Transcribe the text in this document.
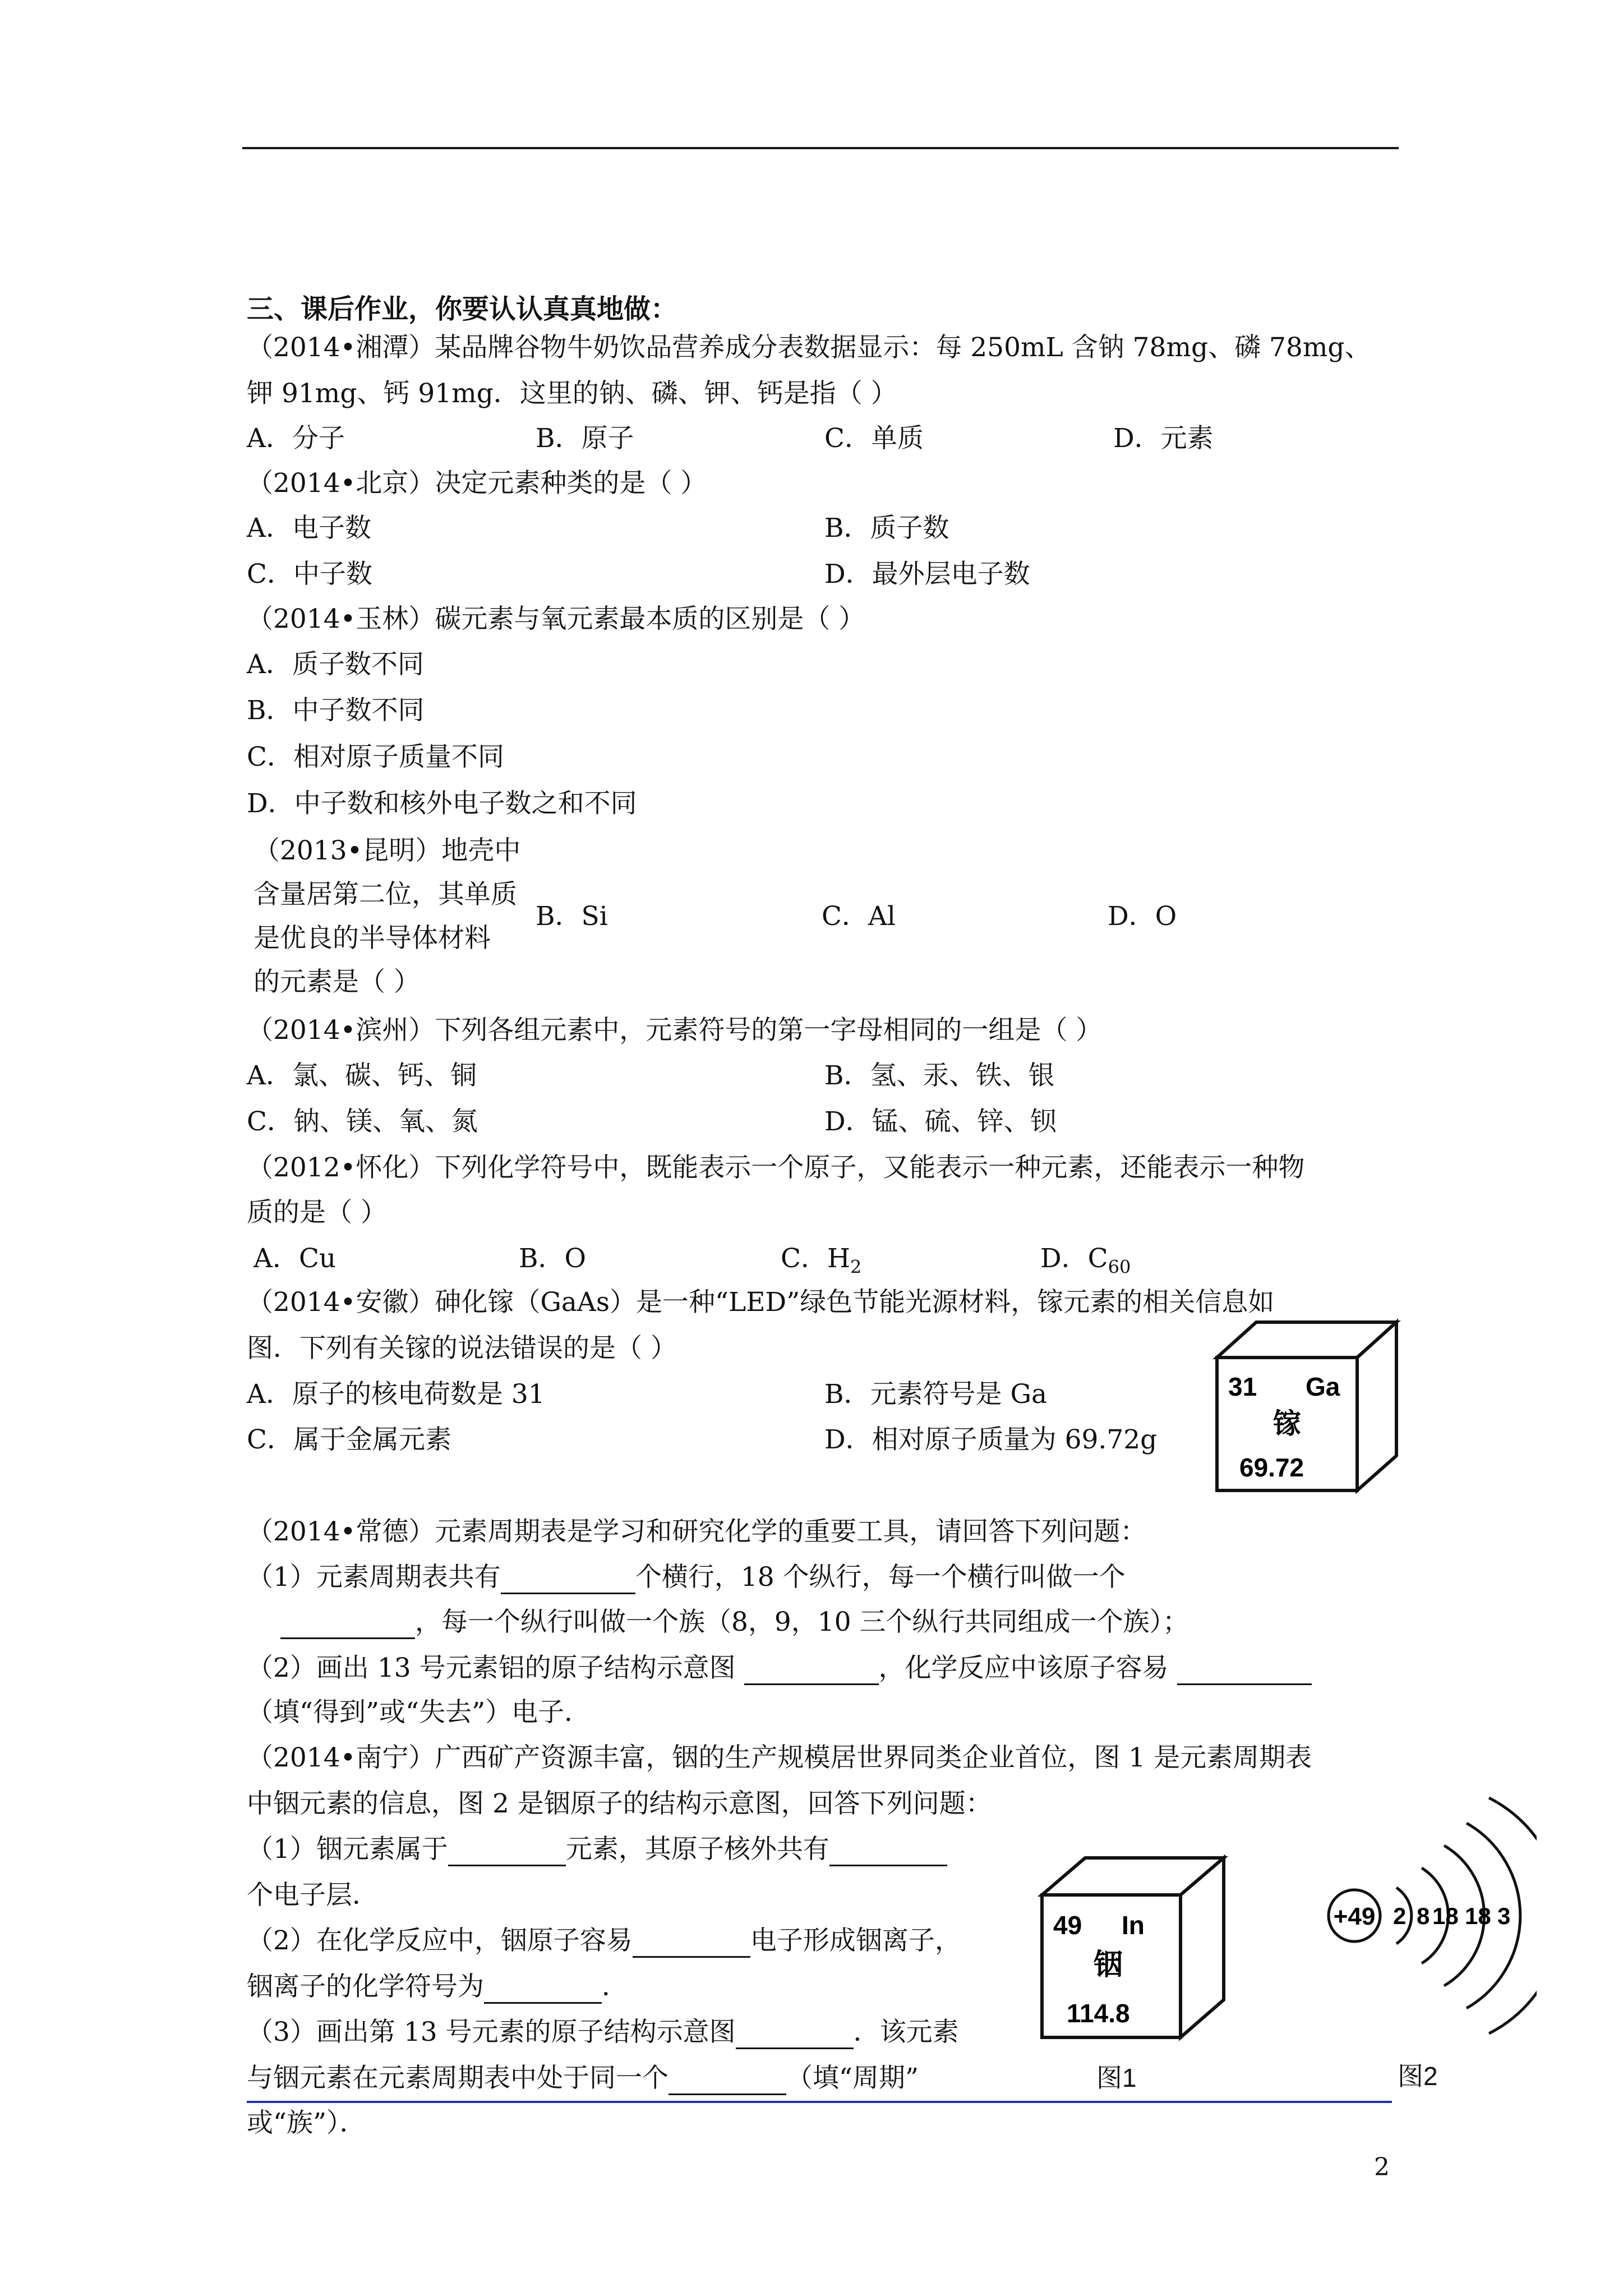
三、课后作业，你要认认真真地做：
（2014•湘潭）某品牌谷物牛奶饮品营养成分表数据显示：每 250mL 含钠 78mg、磷 78mg、
钾 91mg、钙 91mg．这里的钠、磷、钾、钙是指（ ）
A．分子	B．原子	C．单质	D．元素
（2014•北京）决定元素种类的是（ ）
A．电子数	B．质子数
C．中子数	D．最外层电子数
（2014•玉林）碳元素与氧元素最本质的区别是（ ）
A．质子数不同
B．中子数不同
C．相对原子质量不同
D．中子数和核外电子数之和不同
（2013•昆明）地壳中
含量居第二位，其单质
是优良的半导体材料
的元素是（ ）
B．Si	C．Al	D．O
（2014•滨州）下列各组元素中，元素符号的第一字母相同的一组是（ ）
A．氯、碳、钙、铜	B．氢、汞、铁、银
C．钠、镁、氧、氮	D．锰、硫、锌、钡
（2012•怀化）下列化学符号中，既能表示一个原子，又能表示一种元素，还能表示一种物
质的是（ ）
A．Cu	B．O	C．$H_2$	D．$C_{60}$
（2014•安徽）砷化镓（GaAs）是一种“LED”绿色节能光源材料，镓元素的相关信息如
图．下列有关镓的说法错误的是（ ）
A．原子的核电荷数是 31	B．元素符号是 Ga
C．属于金属元素	D．相对原子质量为 69.72g
31 Ga
镓
69.72
（2014•常德）元素周期表是学习和研究化学的重要工具，请回答下列问题：
（1）元素周期表共有	个横行，18 个纵行，每一个横行叫做一个
，每一个纵行叫做一个族（8，9，10 三个纵行共同组成一个族）；
（2）画出 13 号元素铝的原子结构示意图	，化学反应中该原子容易
（填“得到”或“失去”）电子．
（2014•南宁）广西矿产资源丰富，铟的生产规模居世界同类企业首位，图 1 是元素周期表
中铟元素的信息，图 2 是铟原子的结构示意图，回答下列问题：
（1）铟元素属于	元素，其原子核外共有
个电子层．
（2）在化学反应中，铟原子容易	电子形成铟离子，
铟离子的化学符号为	．
（3）画出第 13 号元素的原子结构示意图	．该元素
与铟元素在元素周期表中处于同一个	（填“周期”
或“族”）．
49 In
铟
114.8
图1
+49 2 8 18 18 3
图2
2
